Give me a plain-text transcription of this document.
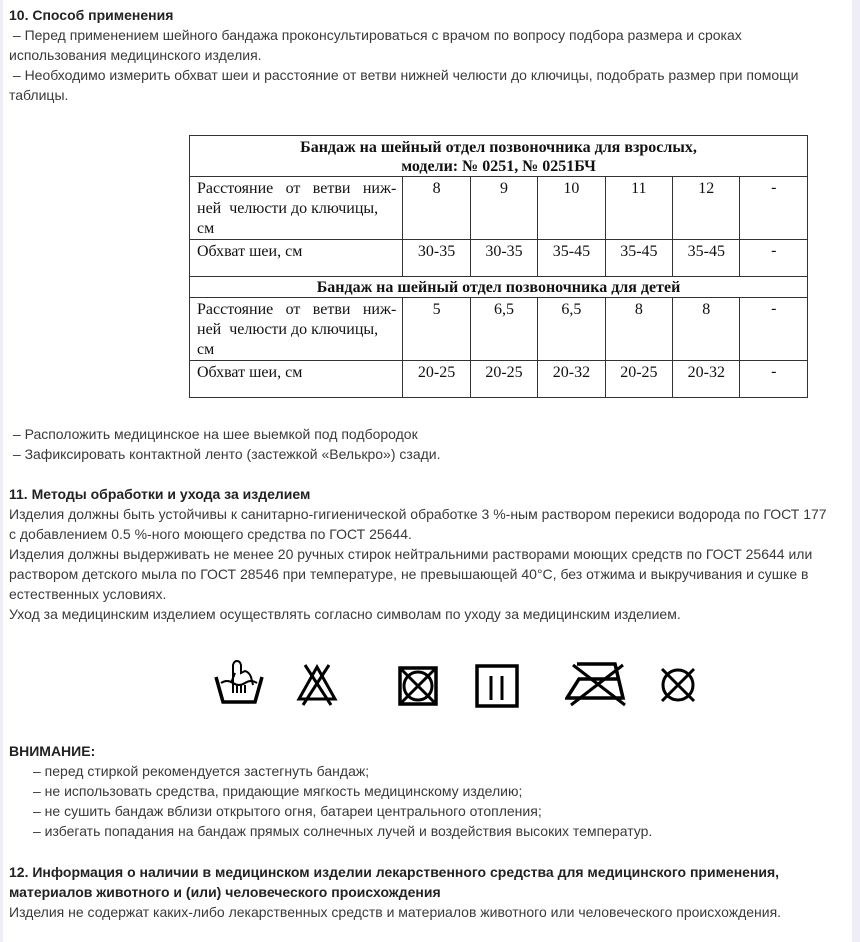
10. Способ применения
– Перед применением шейного бандажа проконсультироваться с врачом по вопросу подбора размера и сроках
использования медицинского изделия.
– Необходимо измерить обхват шеи и расстояние от ветви нижней челюсти до ключицы, подобрать размер при помощи
таблицы.
Бандаж на шейный отдел позвоночника для взрослых,
модели: № 0251, № 0251БЧ						

Расстояние от ветви ниж-
ней  челюсти до ключицы,
см	8	9	10	11	12	-
Обхват шеи, см	30-35	30-35	35-45	35-45	35-45	-
Бандаж на шейный отдел позвоночника для детей						

Расстояние от ветви ниж-
ней  челюсти до ключицы,
см	5	6,5	6,5	8	8	-
Обхват шеи, см	20-25	20-25	20-32	20-25	20-32	-
– Расположить медицинское на шее выемкой под подбородок
– Зафиксировать контактной ленто (застежкой «Велькро») сзади.
11. Методы обработки и ухода за изделием
Изделия должны быть устойчивы к санитарно-гигиенической обработке 3 %-ным раствором перекиси водорода по ГОСТ 177
с добавлением 0.5 %-ного моющего средства по ГОСТ 25644.
Изделия должны выдерживать не менее 20 ручных стирок нейтральними растворами моющих средств по ГОСТ 25644 или
раствором детского мыла по ГОСТ 28546 при температуре, не превышающей 40°С, без отжима и выкручивания и сушке в
естественных условиях.
Уход за медицинским изделием осуществлять согласно символам по уходу за медицинским изделием.
ВНИМАНИЕ:
– перед стиркой рекомендуется застегнуть бандаж;
– не использовать средства, придающие мягкость медицинскому изделию;
– не сушить бандаж вблизи открытого огня, батареи центрального отопления;
– избегать попадания на бандаж прямых солнечных лучей и воздействия высоких температур.
12. Информация о наличии в медицинском изделии лекарственного средства для медицинского применения,
материалов животного и (или) человеческого происхождения
Изделия не содержат каких-либо лекарственных средств и материалов животного или человеческого происхождения.
